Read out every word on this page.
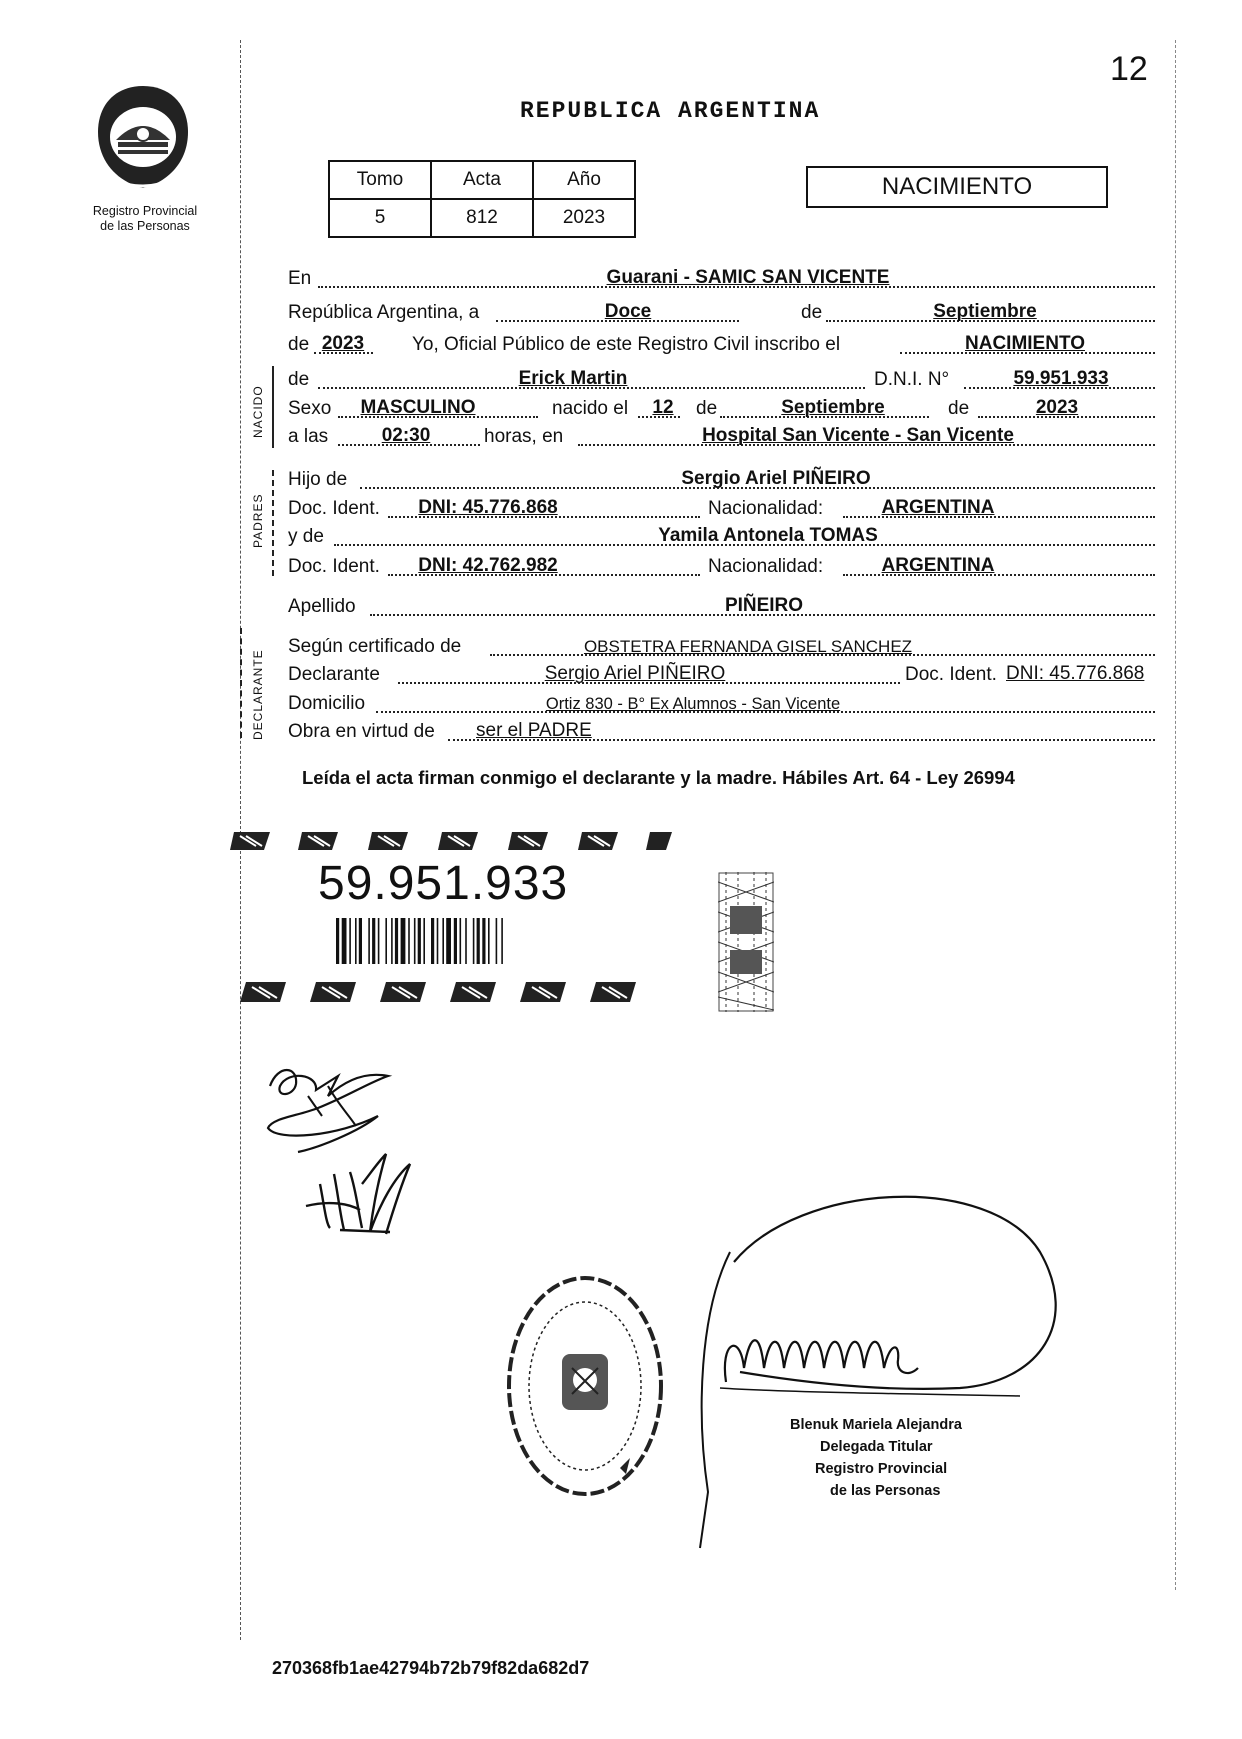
12
REPUBLICA ARGENTINA
Registro Provincial
de las Personas
Tomo	Acta	Año
5	812	2023
NACIMIENTO
NACIDO
PADRES
DECLARANTE
En	Guarani - SAMIC SAN VICENTE
República Argentina, a	Doce	de	Septiembre
de 2023	Yo, Oficial Público de este Registro Civil inscribo el	NACIMIENTO
de	Erick Martin	D.N.I. N°	59.951.933
Sexo MASCULINO	nacido el 12 de	Septiembre	de	2023
a las	02:30	horas, en	Hospital San Vicente - San Vicente
Hijo de	Sergio Ariel PIÑEIRO
Doc. Ident. DNI: 45.776.868	Nacionalidad:	ARGENTINA
y de	Yamila Antonela TOMAS
Doc. Ident. DNI: 42.762.982	Nacionalidad:	ARGENTINA
Apellido	PIÑEIRO
Según certificado de	OBSTETRA FERNANDA GISEL SANCHEZ
Declarante	Sergio Ariel PIÑEIRO	Doc. Ident. DNI: 45.776.868
Domicilio	Ortiz 830 - B° Ex Alumnos - San Vicente
Obra en virtud de ser el PADRE
Leída el acta firman conmigo el declarante y la madre. Hábiles Art. 64 - Ley 26994
59.951.933
Blenuk Mariela Alejandra
Delegada Titular
Registro Provincial
de las Personas
270368fb1ae42794b72b79f82da682d7
